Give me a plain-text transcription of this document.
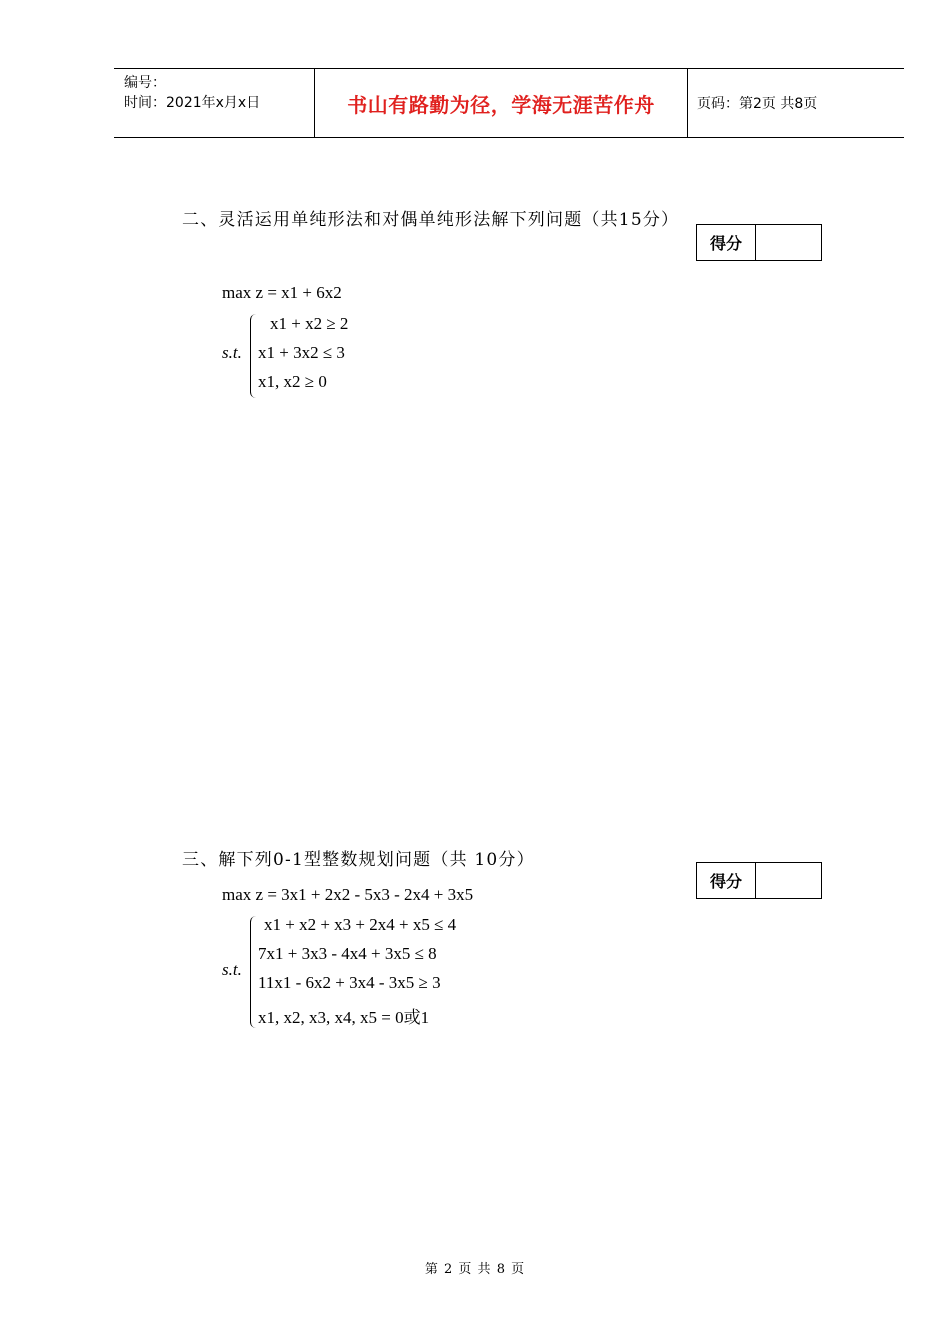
编号：
时间：2021年x月x日	书山有路勤为径，学海无涯苦作舟	页码：第2页 共8页
二、灵活运用单纯形法和对偶单纯形法解下列问题（共15分）
得分
max z = x1 + 6x2
s.t.
x1 + x2 ≥ 2
x1 + 3x2 ≤ 3
x1, x2 ≥ 0
三、解下列0-1型整数规划问题（共 10分）
得分
max z = 3x1 + 2x2 - 5x3 - 2x4 + 3x5
s.t.
x1 + x2 + x3 + 2x4 + x5 ≤ 4
7x1 + 3x3 - 4x4 + 3x5 ≤ 8
11x1 - 6x2 + 3x4 - 3x5 ≥ 3
x1, x2, x3, x4, x5 = 0或1
第 2 页 共 8 页
